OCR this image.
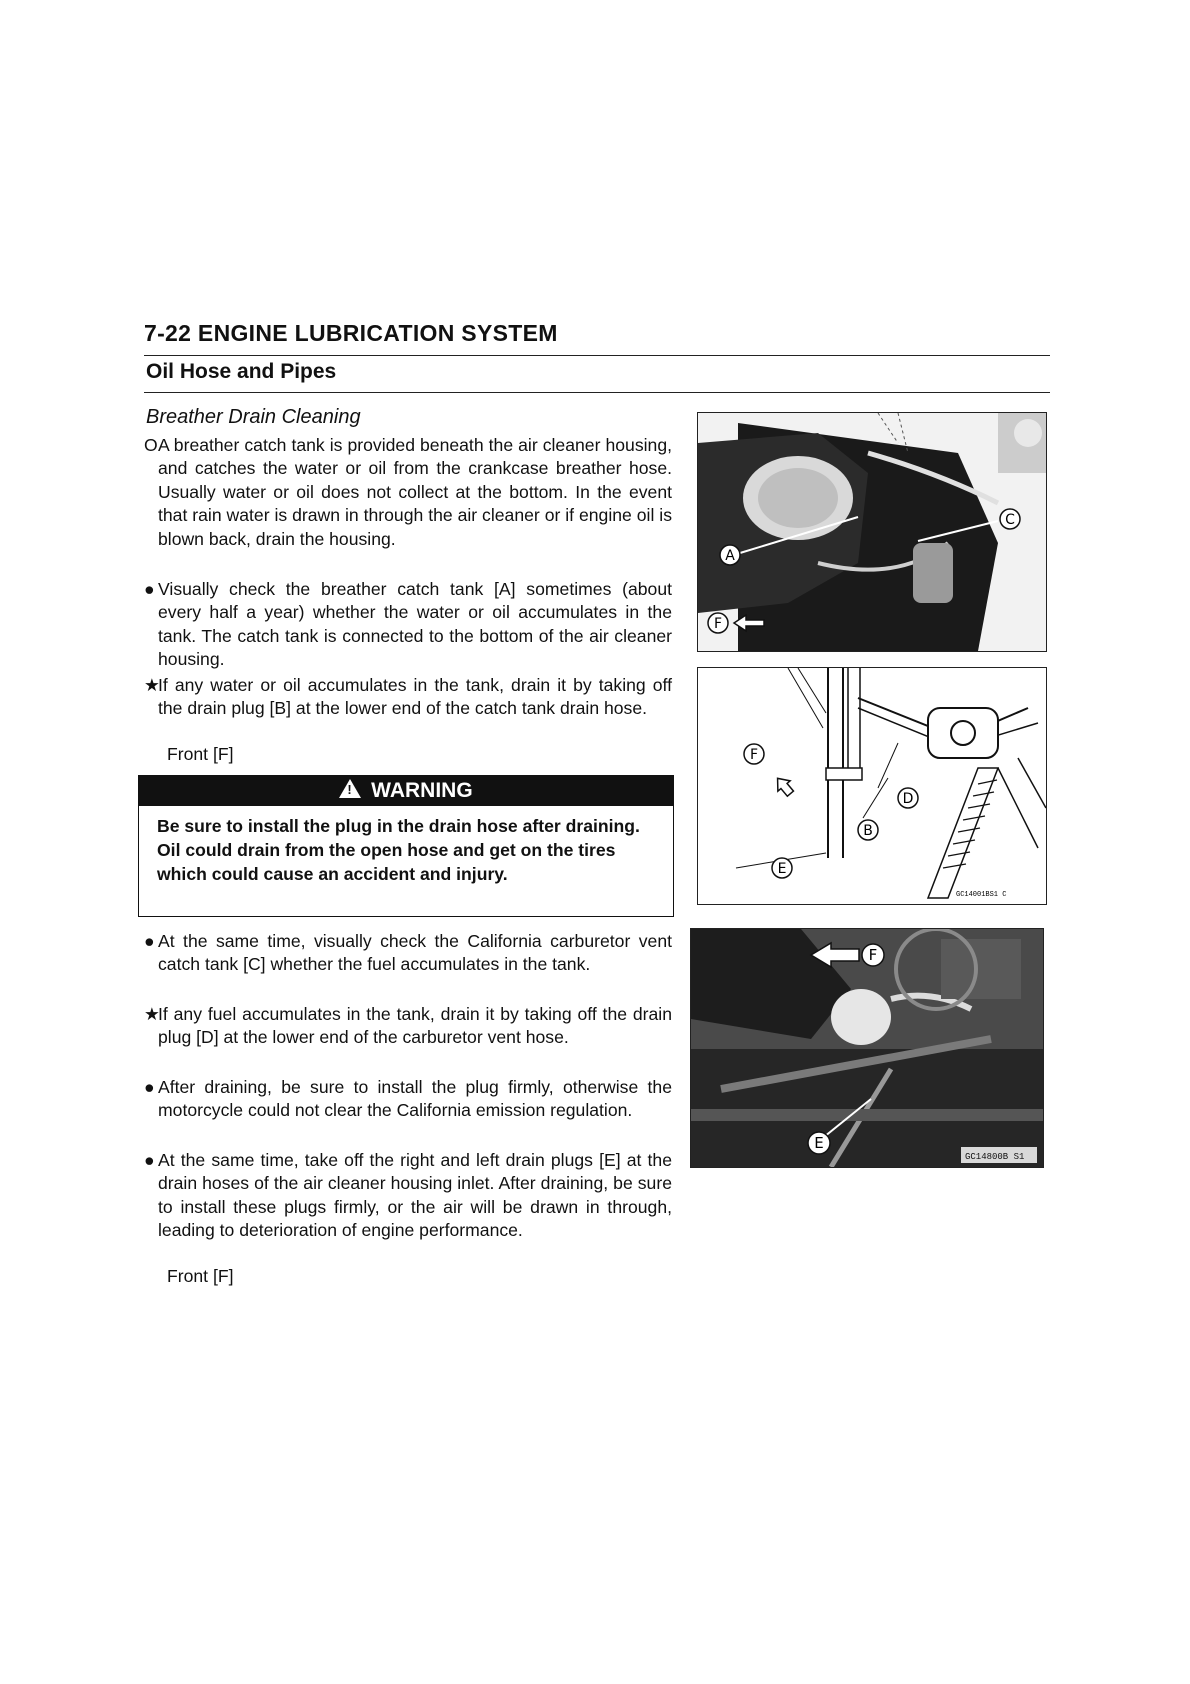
7-22 ENGINE LUBRICATION SYSTEM
Oil Hose and Pipes
Breather Drain Cleaning
O A breather catch tank is provided beneath the air cleaner housing, and catches the water or oil from the crankcase breather hose. Usually water or oil does not collect at the bottom. In the event that rain water is drawn in through the air cleaner or if engine oil is blown back, drain the housing.
● Visually check the breather catch tank [A] sometimes (about every half a year) whether the water or oil accumulates in the tank. The catch tank is connected to the bottom of the air cleaner housing.
★
If any water or oil accumulates in the tank, drain it by taking off the drain plug [B] at the lower end of the catch tank drain hose.
Front [F]
! WARNING
Be sure to install the plug in the drain hose after draining. Oil could drain from the open hose and get on the tires which could cause an accident and injury.
● At the same time, visually check the California carburetor vent catch tank [C] whether the fuel accumulates in the tank.
★
If any fuel accumulates in the tank, drain it by taking off the drain plug [D] at the lower end of the carburetor vent hose.
● After draining, be sure to install the plug firmly, otherwise the motorcycle could not clear the California emission regulation.
● At the same time, take off the right and left drain plugs [E] at the drain hoses of the air cleaner housing inlet. After draining, be sure to install these plugs firmly, or the air will be drawn in through, leading to deterioration of engine performance.
Front [F]
A
C
F
F
D
B
E
GC14001BS1 C
F
E
GC14800B S1
